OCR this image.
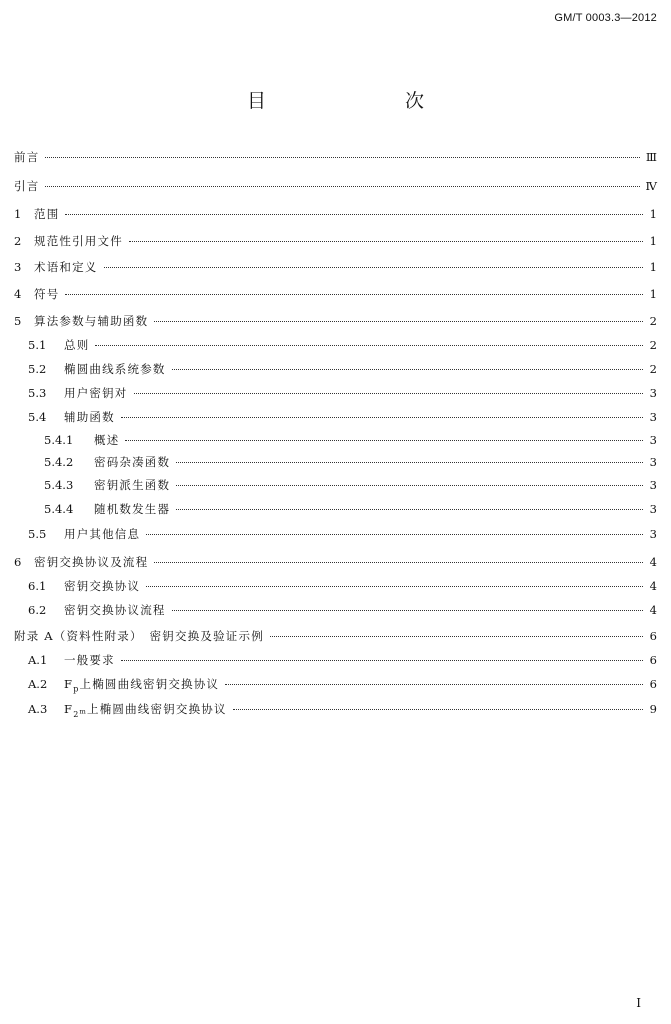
GM/T 0003.3—2012
目　次
前言	Ⅲ
引言	Ⅳ
1	范围	1
2	规范性引用文件	1
3	术语和定义	1
4	符号	1
5	算法参数与辅助函数	2
5.1	总则	2
5.2	椭圆曲线系统参数	2
5.3	用户密钥对	3
5.4	辅助函数	3
5.4.1	概述	3
5.4.2	密码杂凑函数	3
5.4.3	密钥派生函数	3
5.4.4	随机数发生器	3
5.5	用户其他信息	3
6	密钥交换协议及流程	4
6.1	密钥交换协议	4
6.2	密钥交换协议流程	4
附录 A（资料性附录）　密钥交换及验证示例	6
A.1	一般要求	6
A.2	$F_p$上椭圆曲线密钥交换协议	6
A.3	$F_{2^m}$上椭圆曲线密钥交换协议	9
I
